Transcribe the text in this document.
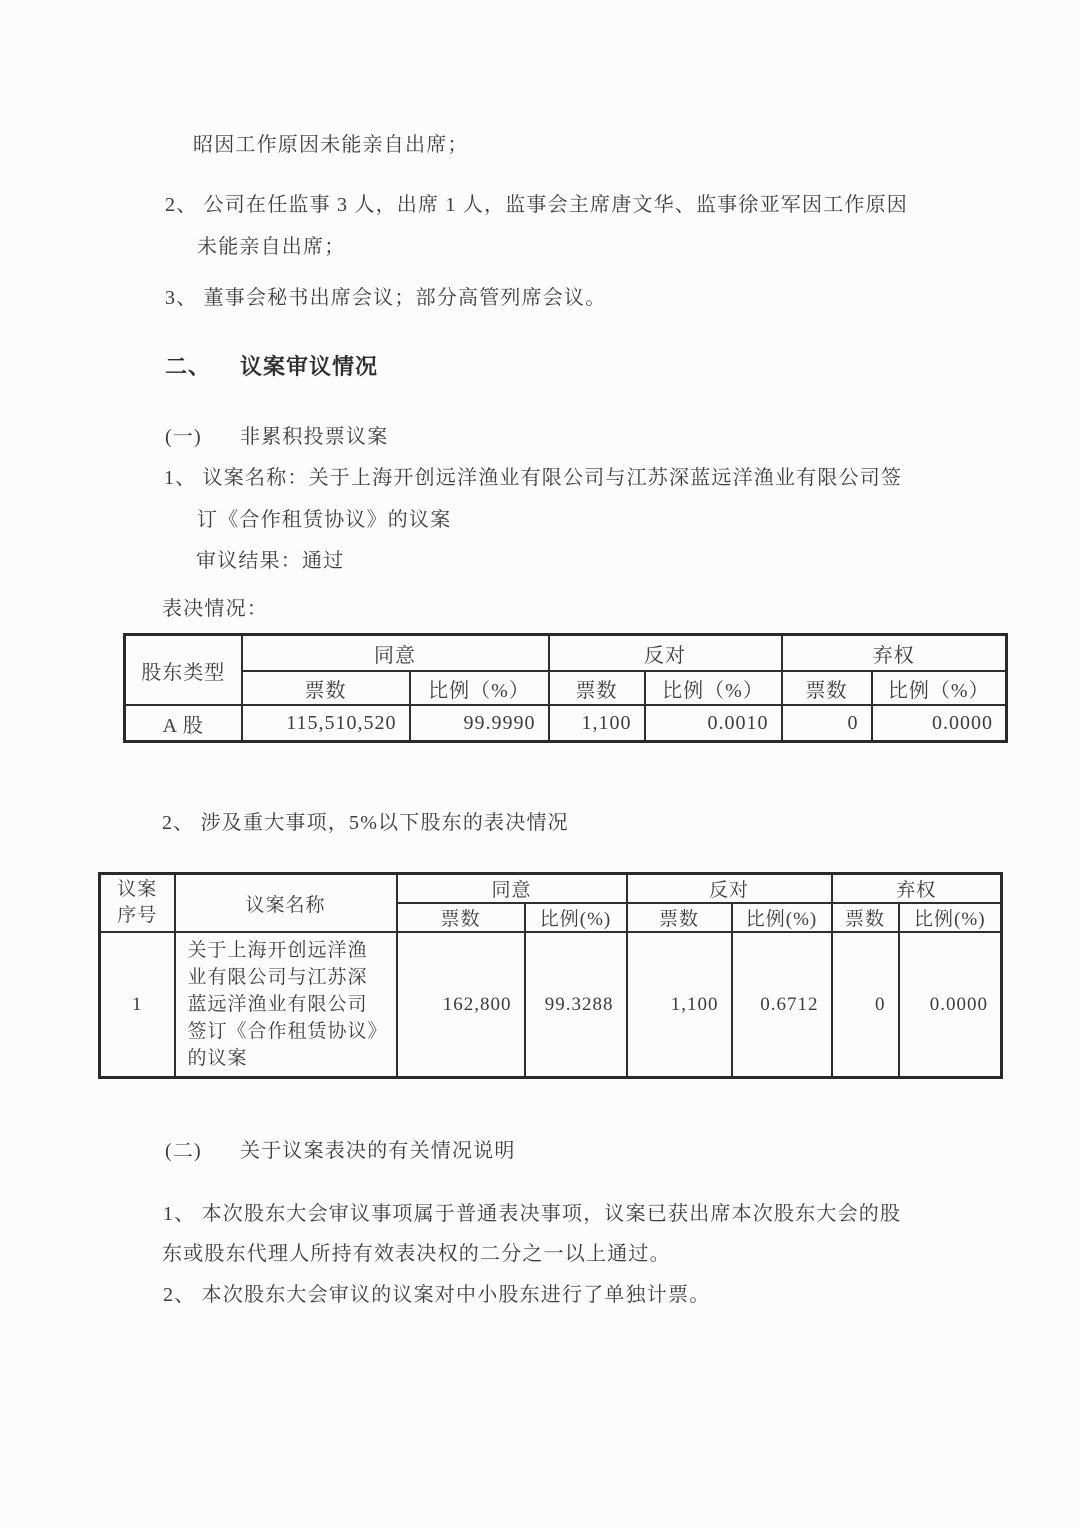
昭因工作原因未能亲自出席；
2、 公司在任监事 3 人，出席 1 人，监事会主席唐文华、监事徐亚军因工作原因
未能亲自出席；
3、 董事会秘书出席会议；部分高管列席会议。
二、 议案审议情况
(一) 非累积投票议案
1、 议案名称：关于上海开创远洋渔业有限公司与江苏深蓝远洋渔业有限公司签
订《合作租赁协议》的议案
审议结果：通过
表决情况：
股东类型	同意		反对		弃权	
	票数	比例（%）	票数	比例（%）	票数	比例（%）
A 股	115,510,520	99.9990	1,100	0.0010	0	0.0000
2、 涉及重大事项，5%以下股东的表决情况
议案
序号	议案名称	同意		反对		弃权	
		票数	比例(%)	票数	比例(%)	票数	比例(%)
1	关于上海开创远洋渔业有限公司与江苏深蓝远洋渔业有限公司签订《合作租赁协议》的议案	162,800	99.3288	1,100	0.6712	0	0.0000
(二) 关于议案表决的有关情况说明
1、 本次股东大会审议事项属于普通表决事项，议案已获出席本次股东大会的股
东或股东代理人所持有效表决权的二分之一以上通过。
2、 本次股东大会审议的议案对中小股东进行了单独计票。
